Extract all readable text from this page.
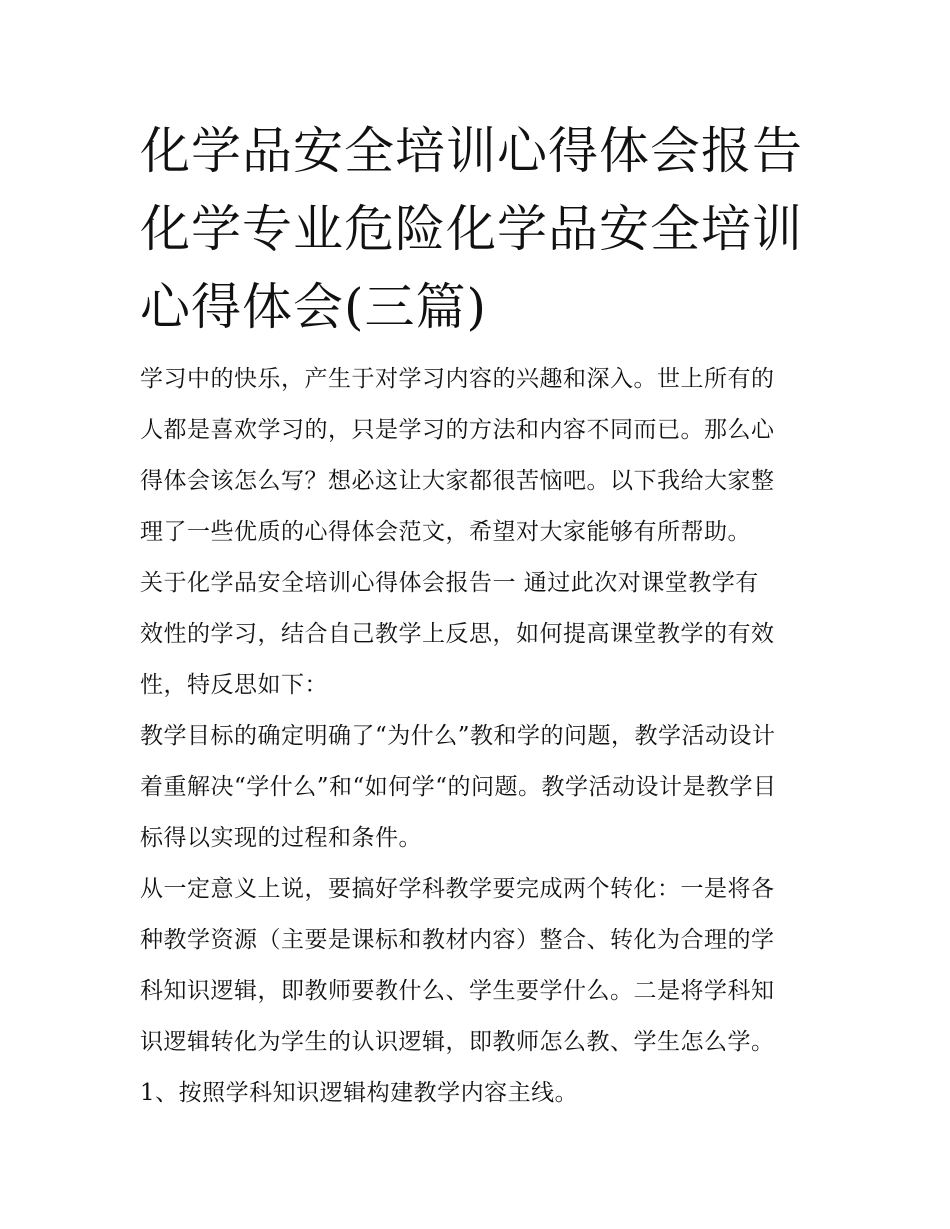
化学品安全培训心得体会报告
化学专业危险化学品安全培训
心得体会(三篇)

学习中的快乐，产生于对学习内容的兴趣和深入。世上所有的
人都是喜欢学习的，只是学习的方法和内容不同而已。那么心
得体会该怎么写？想必这让大家都很苦恼吧。以下我给大家整
理了一些优质的心得体会范文，希望对大家能够有所帮助。

关于化学品安全培训心得体会报告一 通过此次对课堂教学有
效性的学习，结合自己教学上反思，如何提高课堂教学的有效
性，特反思如下：

教学目标的确定明确了“为什么”教和学的问题，教学活动设计
着重解决“学什么”和“如何学“的问题。教学活动设计是教学目
标得以实现的过程和条件。

从一定意义上说，要搞好学科教学要完成两个转化：一是将各
种教学资源（主要是课标和教材内容）整合、转化为合理的学
科知识逻辑，即教师要教什么、学生要学什么。二是将学科知
识逻辑转化为学生的认识逻辑，即教师怎么教、学生怎么学。

1、按照学科知识逻辑构建教学内容主线。
